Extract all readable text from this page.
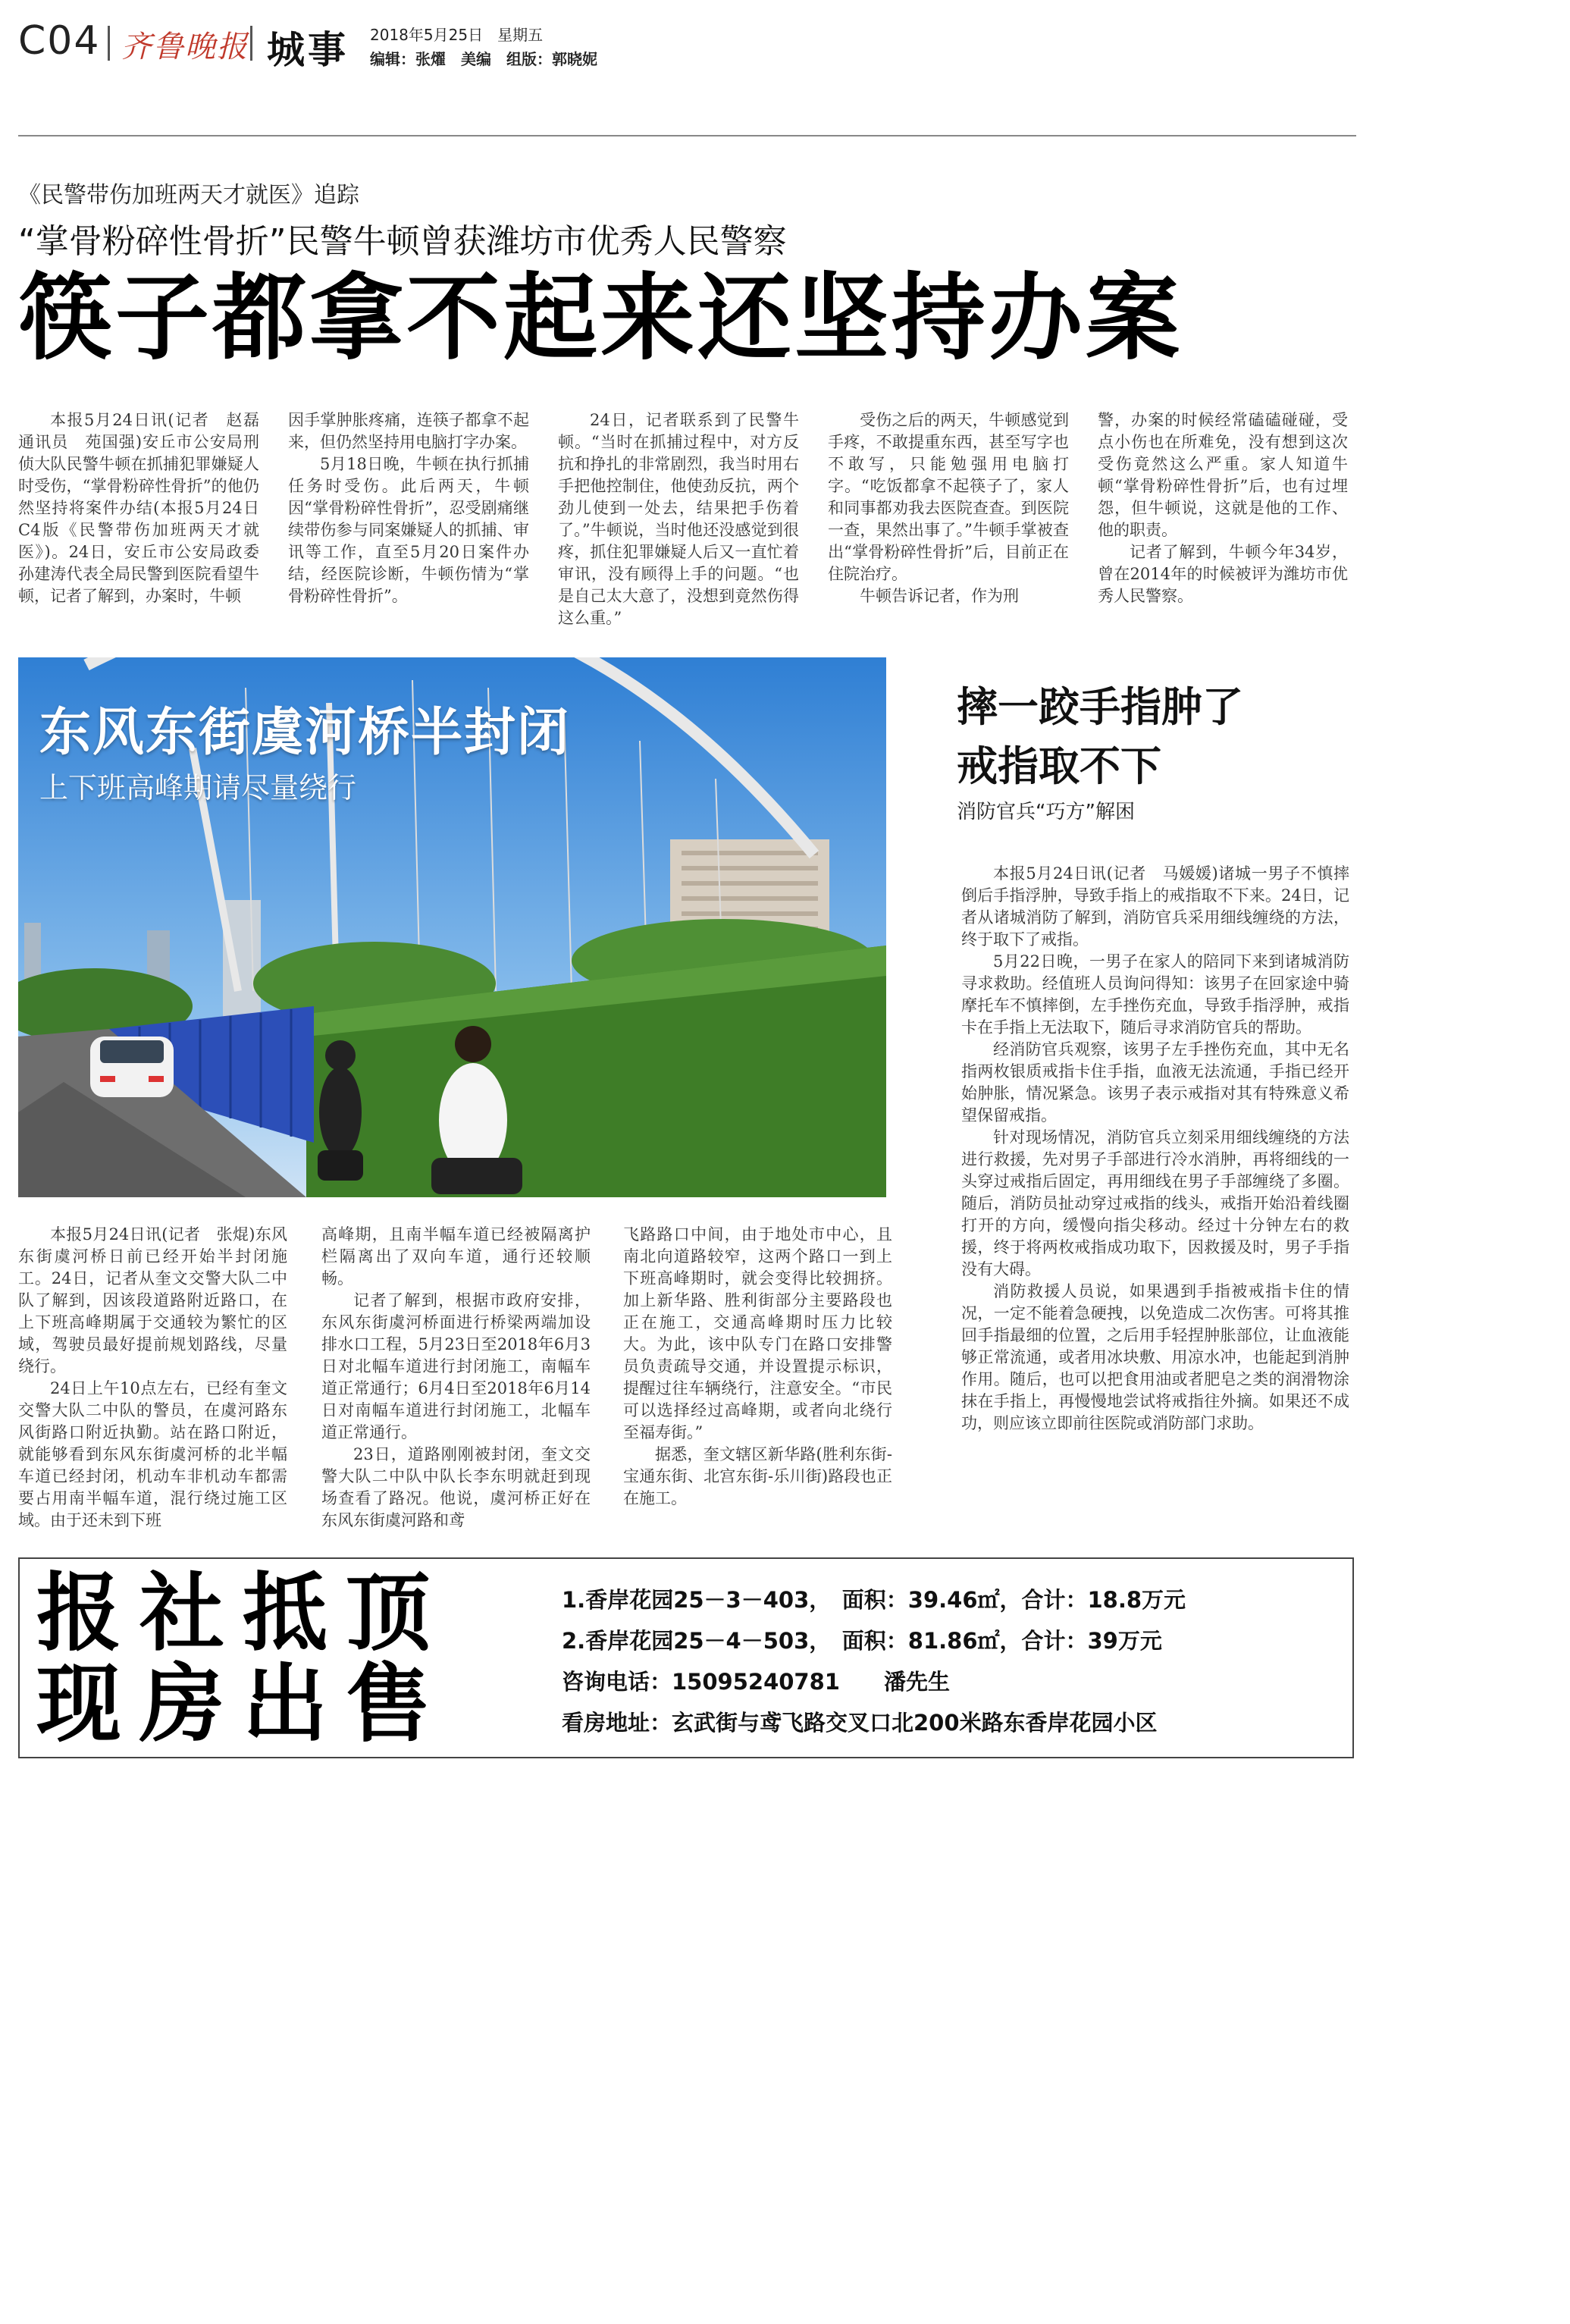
C04 齐鲁晚报 城事 2018年5月25日 星期五
编辑：张燿　美编　组版：郭晓妮
《民警带伤加班两天才就医》追踪
“掌骨粉碎性骨折”民警牛顿曾获潍坊市优秀人民警察
筷子都拿不起来还坚持办案

本报5月24日讯(记者　赵磊　通讯员　苑国强)安丘市公安局刑侦大队民警牛顿在抓捕犯罪嫌疑人时受伤，“掌骨粉碎性骨折”的他仍然坚持将案件办结(本报5月24日C4版《民警带伤加班两天才就医》)。24日，安丘市公安局政委孙建涛代表全局民警到医院看望牛顿，记者了解到，办案时，牛顿

因手掌肿胀疼痛，连筷子都拿不起来，但仍然坚持用电脑打字办案。

5月18日晚，牛顿在执行抓捕任务时受伤。此后两天，牛顿因“掌骨粉碎性骨折”，忍受剧痛继续带伤参与同案嫌疑人的抓捕、审讯等工作，直至5月20日案件办结，经医院诊断，牛顿伤情为“掌骨粉碎性骨折”。

24日，记者联系到了民警牛顿。“当时在抓捕过程中，对方反抗和挣扎的非常剧烈，我当时用右手把他控制住，他使劲反抗，两个劲儿使到一处去，结果把手伤着了。”牛顿说，当时他还没感觉到很疼，抓住犯罪嫌疑人后又一直忙着审讯，没有顾得上手的问题。“也是自己太大意了，没想到竟然伤得这么重。”

受伤之后的两天，牛顿感觉到手疼，不敢提重东西，甚至写字也不敢写，只能勉强用电脑打字。“吃饭都拿不起筷子了，家人和同事都劝我去医院查查。到医院一查，果然出事了。”牛顿手掌被查出“掌骨粉碎性骨折”后，目前正在住院治疗。

牛顿告诉记者，作为刑

警，办案的时候经常磕磕碰碰，受点小伤也在所难免，没有想到这次受伤竟然这么严重。家人知道牛顿“掌骨粉碎性骨折”后，也有过埋怨，但牛顿说，这就是他的工作、他的职责。

记者了解到，牛顿今年34岁，曾在2014年的时候被评为潍坊市优秀人民警察。

东风东街虞河桥半封闭
上下班高峰期请尽量绕行

本报5月24日讯(记者　张焜)东风东街虞河桥日前已经开始半封闭施工。24日，记者从奎文交警大队二中队了解到，因该段道路附近路口，在上下班高峰期属于交通较为繁忙的区域，驾驶员最好提前规划路线，尽量绕行。

24日上午10点左右，已经有奎文交警大队二中队的警员，在虞河路东风街路口附近执勤。站在路口附近，就能够看到东风东街虞河桥的北半幅车道已经封闭，机动车非机动车都需要占用南半幅车道，混行绕过施工区域。由于还未到下班

高峰期，且南半幅车道已经被隔离护栏隔离出了双向车道，通行还较顺畅。

记者了解到，根据市政府安排，东风东街虞河桥面进行桥梁两端加设排水口工程，5月23日至2018年6月3日对北幅车道进行封闭施工，南幅车道正常通行；6月4日至2018年6月14日对南幅车道进行封闭施工，北幅车道正常通行。

23日，道路刚刚被封闭，奎文交警大队二中队中队长李东明就赶到现场查看了路况。他说，虞河桥正好在东风东街虞河路和鸢

飞路路口中间，由于地处市中心，且南北向道路较窄，这两个路口一到上下班高峰期时，就会变得比较拥挤。加上新华路、胜利街部分主要路段也正在施工，交通高峰期时压力比较大。为此，该中队专门在路口安排警员负责疏导交通，并设置提示标识，提醒过往车辆绕行，注意安全。“市民可以选择经过高峰期，或者向北绕行至福寿街。”

据悉，奎文辖区新华路(胜利东街-宝通东街、北宫东街-乐川街)路段也正在施工。

摔一跤手指肿了
戒指取不下
消防官兵“巧方”解困

本报5月24日讯(记者　马媛媛)诸城一男子不慎摔倒后手指浮肿，导致手指上的戒指取不下来。24日，记者从诸城消防了解到，消防官兵采用细线缠绕的方法，终于取下了戒指。

5月22日晚，一男子在家人的陪同下来到诸城消防寻求救助。经值班人员询问得知：该男子在回家途中骑摩托车不慎摔倒，左手挫伤充血，导致手指浮肿，戒指卡在手指上无法取下，随后寻求消防官兵的帮助。

经消防官兵观察，该男子左手挫伤充血，其中无名指两枚银质戒指卡住手指，血液无法流通，手指已经开始肿胀，情况紧急。该男子表示戒指对其有特殊意义希望保留戒指。

针对现场情况，消防官兵立刻采用细线缠绕的方法进行救援，先对男子手部进行冷水消肿，再将细线的一头穿过戒指后固定，再用细线在男子手部缠绕了多圈。随后，消防员扯动穿过戒指的线头，戒指开始沿着线圈打开的方向，缓慢向指尖移动。经过十分钟左右的救援，终于将两枚戒指成功取下，因救援及时，男子手指没有大碍。

消防救援人员说，如果遇到手指被戒指卡住的情况，一定不能着急硬拽，以免造成二次伤害。可将其推回手指最细的位置，之后用手轻捏肿胀部位，让血液能够正常流通，或者用冰块敷、用凉水冲，也能起到消肿作用。随后，也可以把食用油或者肥皂之类的润滑物涂抹在手指上，再慢慢地尝试将戒指往外摘。如果还不成功，则应该立即前往医院或消防部门求助。

报社抵顶
现房出售
1.香岸花园25－3－403，　面积：39.46㎡，合计：18.8万元
2.香岸花园25－4－503，　面积：81.86㎡，合计：39万元
咨询电话：15095240781　　潘先生
看房地址：玄武街与鸢飞路交叉口北200米路东香岸花园小区
